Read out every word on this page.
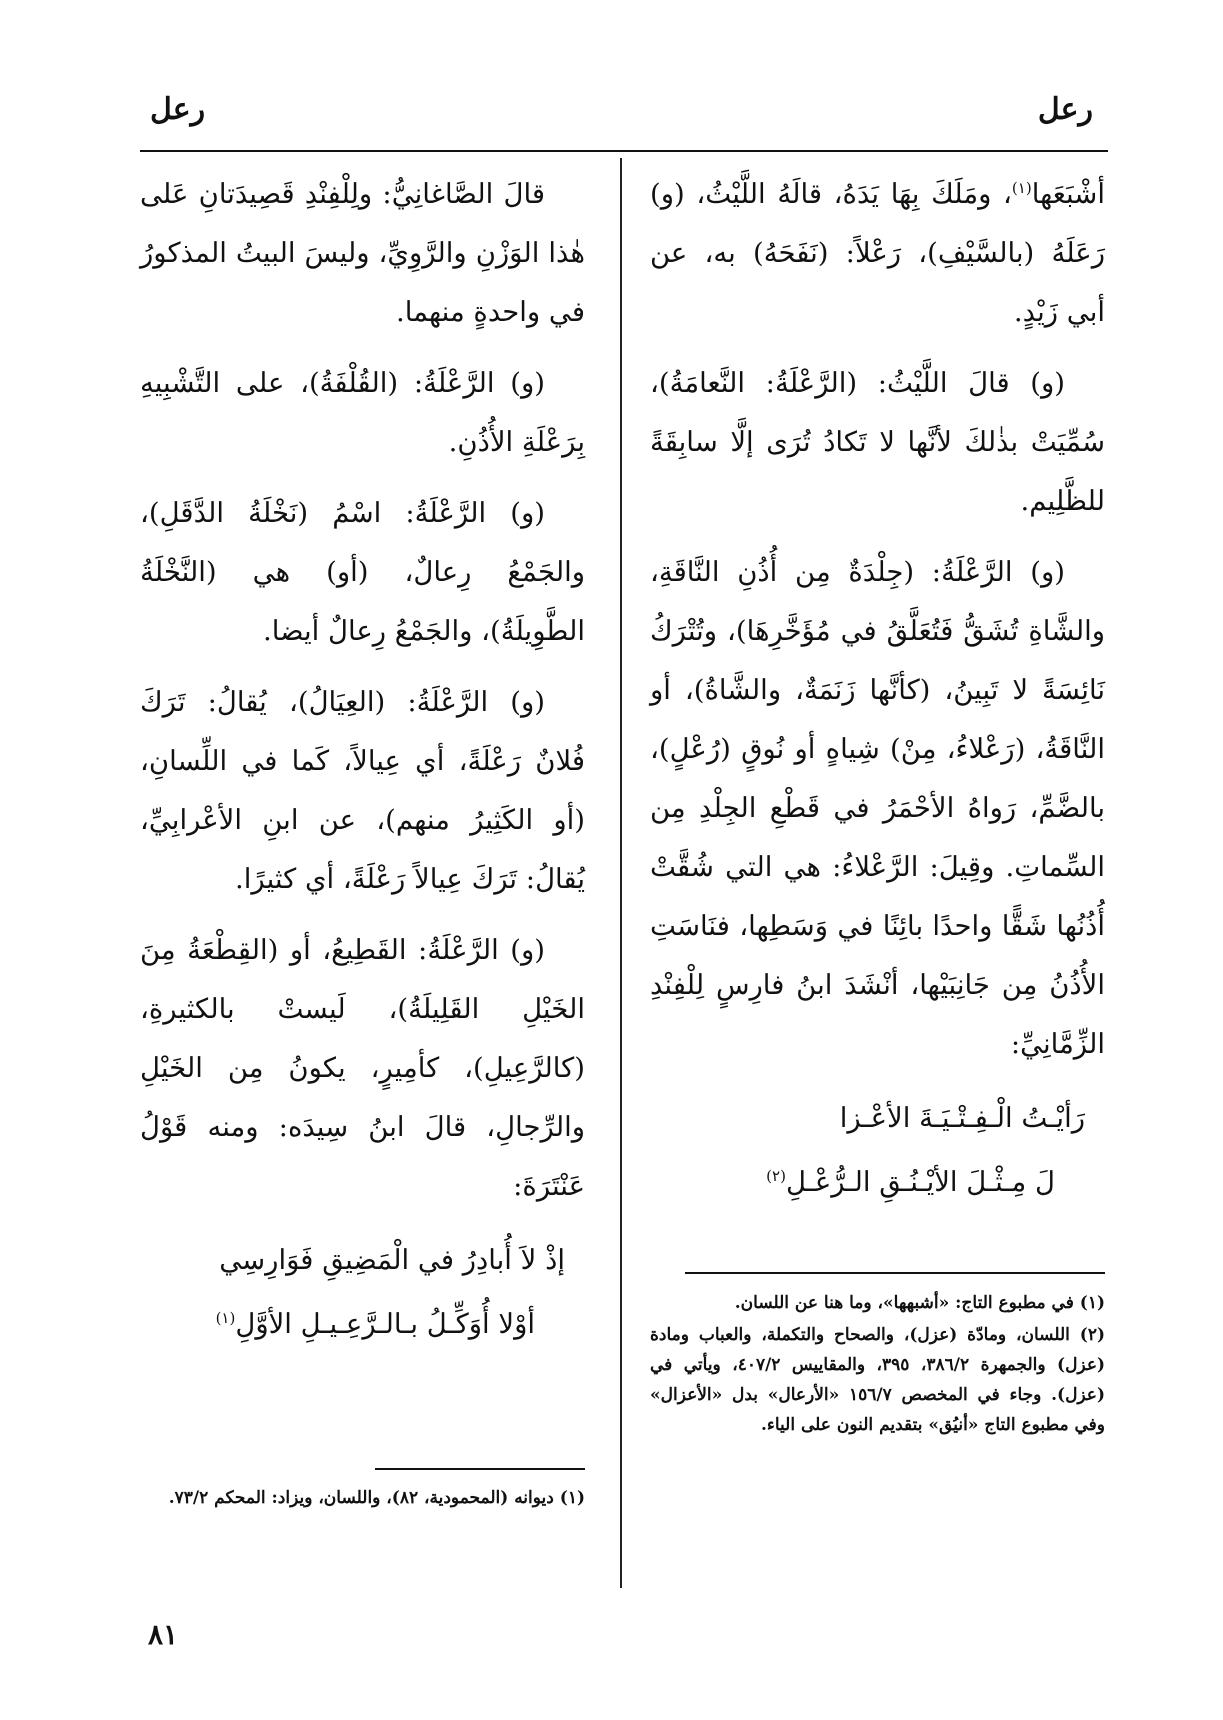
رعل
رعل

أشْبَعَها$^{(١)}$، ومَلَكَ بِهَا يَدَهُ، قالَهُ اللَّيْثُ، (و) رَعَلَهُ (بالسَّيْفِ)، رَعْلاً: (نَفَحَهُ) به، عن أبي زَيْدٍ.

(و) قالَ اللَّيْثُ: (الرَّعْلَةُ: النَّعامَةُ)، سُمِّيَتْ بذٰلكَ لأنَّها لا تَكادُ تُرَى إلَّا سابِقَةً للظَّلِيم.

(و) الرَّعْلَةُ: (جِلْدَةٌ مِن أُذُنِ النَّاقَةِ، والشَّاةِ تُشَقُّ فَتُعَلَّقُ في مُؤَخَّرِهَا)، وتُتْرَكُ نَائِسَةً لا تَبِينُ، (كأنَّها زَنَمَةٌ، والشَّاةُ)، أو النَّاقَةُ، (رَعْلاءُ، مِنْ) شِياهٍ أو نُوقٍ (رُعْلٍ)، بالضَّمِّ، رَواهُ الأحْمَرُ في قَطْعِ الجِلْدِ مِن السِّماتِ. وقِيلَ: الرَّعْلاءُ: هي التي شُقَّتْ أُذُنُها شَقًّا واحدًا بائِنًا في وَسَطِها، فنَاسَتِ الأُذُنُ مِن جَانِبَيْها، أنْشَدَ ابنُ فارِسٍ لِلْفِنْدِ الزِّمَّانِيِّ:

رَأيْـتُ الْـفِـتْـيَـةَ الأعْـزا
لَ مِـثْـلَ الأيْـنُـقِ الـرُّعْـلِ$^{(٢)}$

قالَ الصَّاغانِيُّ: ولِلْفِنْدِ قَصِيدَتانِ عَلى هٰذا الوَزْنِ والرَّوِيِّ، وليسَ البيتُ المذكورُ في واحدةٍ منهما.

(و) الرَّعْلَةُ: (القُلْفَةُ)، على التَّشْبِيهِ بِرَعْلَةِ الأُذُنِ.

(و) الرَّعْلَةُ: اسْمُ (نَخْلَةُ الدَّقَلِ)، والجَمْعُ رِعالٌ، (أو) هي (النَّخْلَةُ الطَّوِيلَةُ)، والجَمْعُ رِعالٌ أيضا.

(و) الرَّعْلَةُ: (العِيَالُ)، يُقالُ: تَرَكَ فُلانٌ رَعْلَةً، أي عِيالاً، كَما في اللِّسانِ، (أو الكَثِيرُ منهم)، عن ابنِ الأعْرابِيِّ، يُقالُ: تَرَكَ عِيالاً رَعْلَةً، أي كثيرًا.

(و) الرَّعْلَةُ: القَطِيعُ، أو (القِطْعَةُ مِنَ الخَيْلِ القَلِيلَةُ)، لَيستْ بالكثيرةِ، (كالرَّعِيلِ)، كأمِيرٍ، يكونُ مِن الخَيْلِ والرِّجالِ، قالَ ابنُ سِيدَه: ومنه قَوْلُ عَنْتَرَةَ:

إذْ لاَ أُبادِرُ في الْمَضِيقِ فَوَارِسِي
أوْلا أُوَكِّـلُ بـالـرَّعِـيـلِ الأوَّلِ$^{(١)}$

(١) في مطبوع التاج: «أشبهها»، وما هنا عن اللسان.

(٢) اللسان، ومادّة (عزل)، والصحاح والتكملة، والعباب ومادة (عزل) والجمهرة ٣٨٦/٢، ٣٩٥، والمقاييس ٤٠٧/٢، ويأتي في (عزل). وجاء في المخصص ١٥٦/٧ «الأرعال» بدل «الأعزال» وفي مطبوع التاج «أنيُق» بتقديم النون على الياء.

(١) ديوانه (المحمودية، ٨٢)، واللسان، ويزاد: المحكم ٧٣/٢.

٨١
